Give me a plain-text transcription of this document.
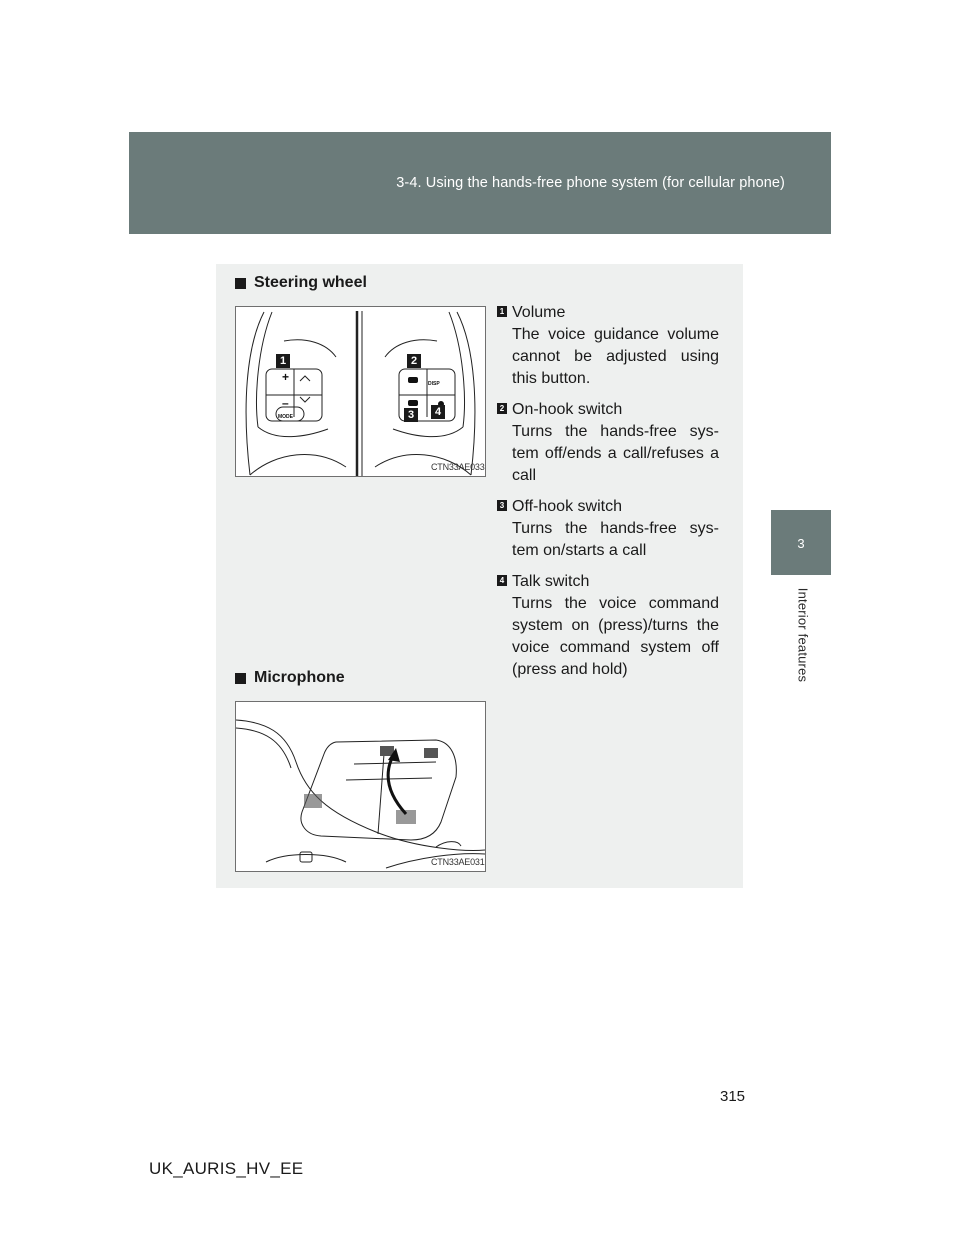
3-4. Using the hands-free phone system (for cellular phone)
3
Interior features
Steering wheel
+
–
MODE
DISP
1	2
3	4
CTN33AE033
1 Volume
The voice guidance volume cannot be adjusted using this button.
2 On-hook switch
Turns the hands-free sys-tem off/ends a call/refuses a call
3 Off-hook switch
Turns the hands-free sys-tem on/starts a call
4 Talk switch
Turns the voice command system on (press)/turns the voice command system off (press and hold)
Microphone
CTN33AE031
315
UK_AURIS_HV_EE
